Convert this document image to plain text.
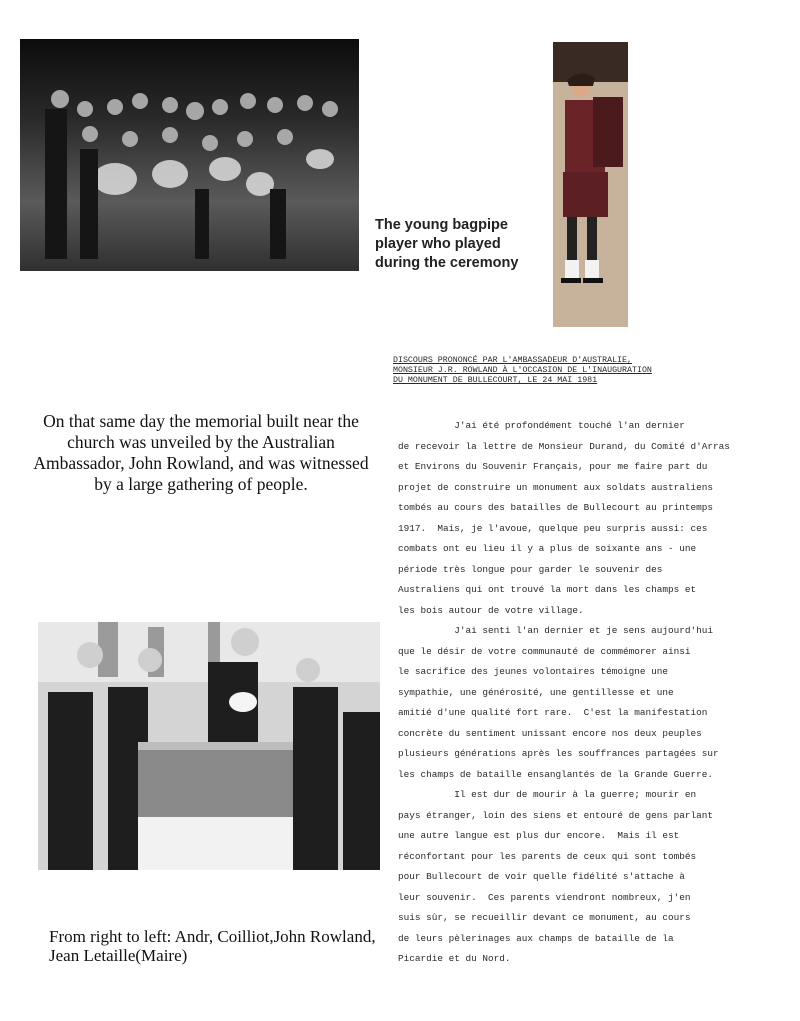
The young bagpipe player who played during the ceremony
On that same day the memorial built near the church was unveiled by the Australian Ambassador, John Rowland, and was witnessed by a large gathering of people.
From right to left: Andr, Coilliot,John Rowland, Jean Letaille(Maire)
DISCOURS PRONONCÉ PAR L'AMBASSADEUR D'AUSTRALIE,
MONSIEUR J.R. ROWLAND À L'OCCASION DE L'INAUGURATION
DU MONUMENT DE BULLECOURT, LE 24 MAI 1981
J'ai été profondément touché l'an dernier
de recevoir la lettre de Monsieur Durand, du Comité d'Arras
et Environs du Souvenir Français, pour me faire part du
projet de construire un monument aux soldats australiens
tombés au cours des batailles de Bullecourt au printemps
1917.  Mais, je l'avoue, quelque peu surpris aussi: ces
combats ont eu lieu il y a plus de soixante ans - une
période très longue pour garder le souvenir des
Australiens qui ont trouvé la mort dans les champs et
les bois autour de votre village.
J'ai senti l'an dernier et je sens aujourd'hui
que le désir de votre communauté de commémorer ainsi
le sacrifice des jeunes volontaires témoigne une
sympathie, une générosité, une gentillesse et une
amitié d'une qualité fort rare.  C'est la manifestation
concrète du sentiment unissant encore nos deux peuples
plusieurs générations après les souffrances partagées sur
les champs de bataille ensanglantés de la Grande Guerre.
Il est dur de mourir à la guerre; mourir en
pays étranger, loin des siens et entouré de gens parlant
une autre langue est plus dur encore.  Mais il est
réconfortant pour les parents de ceux qui sont tombés
pour Bullecourt de voir quelle fidélité s'attache à
leur souvenir.  Ces parents viendront nombreux, j'en
suis sûr, se recueillir devant ce monument, au cours
de leurs pèlerinages aux champs de bataille de la
Picardie et du Nord.
